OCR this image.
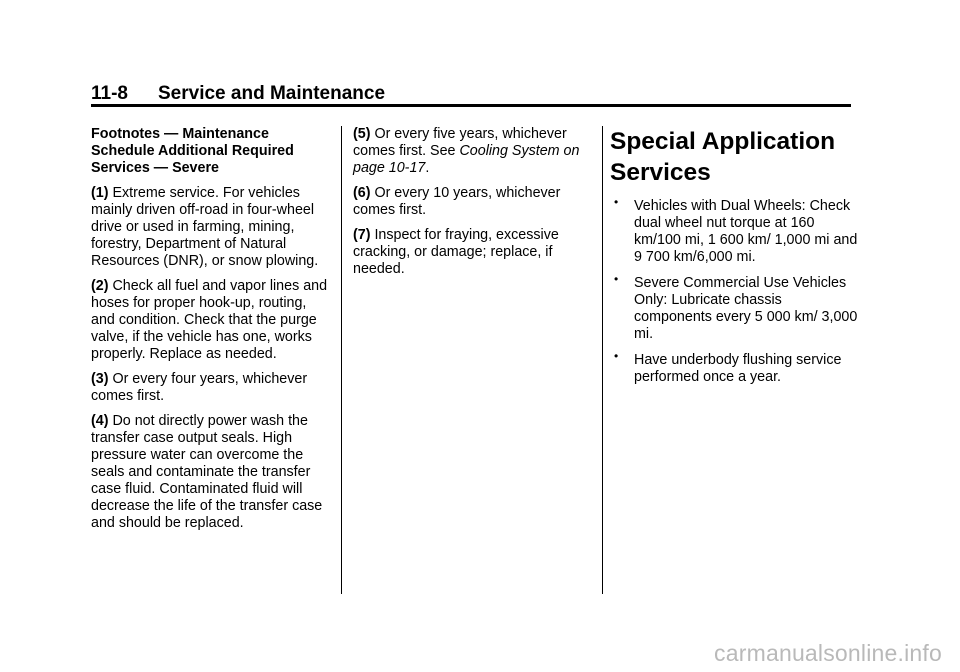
11-8 Service and Maintenance

Footnotes — Maintenance Schedule Additional Required Services — Severe

(1) Extreme service. For vehicles mainly driven off-road in four-wheel drive or used in farming, mining, forestry, Department of Natural Resources (DNR), or snow plowing.

(2) Check all fuel and vapor lines and hoses for proper hook-up, routing, and condition. Check that the purge valve, if the vehicle has one, works properly. Replace as needed.

(3) Or every four years, whichever comes first.

(4) Do not directly power wash the transfer case output seals. High pressure water can overcome the seals and contaminate the transfer case fluid. Contaminated fluid will decrease the life of the transfer case and should be replaced.

(5) Or every five years, whichever comes first. See Cooling System on page 10-17.

(6) Or every 10 years, whichever comes first.

(7) Inspect for fraying, excessive cracking, or damage; replace, if needed.

Special Application Services
• Vehicles with Dual Wheels: Check dual wheel nut torque at 160 km/100 mi, 1 600 km/ 1,000 mi and 9 700 km/6,000 mi.
• Severe Commercial Use Vehicles Only: Lubricate chassis components every 5 000 km/ 3,000 mi.
• Have underbody flushing service performed once a year.
carmanualsonline.info
